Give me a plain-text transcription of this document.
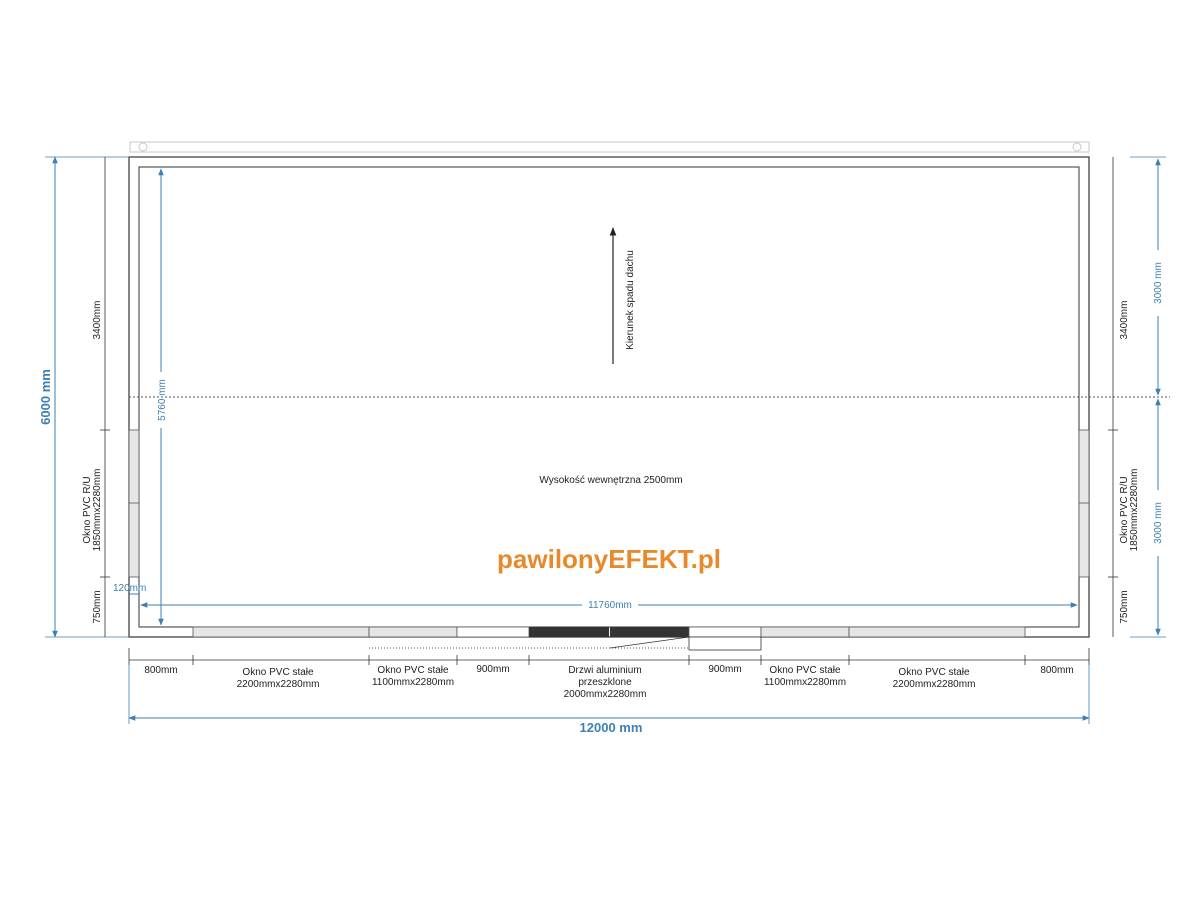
Kierunek spadu dachu
Wysokość wewnętrzna 2500mm
pawilonyEFEKT.pl
11760mm
5760 mm
120mm
6000 mm
3400mm
Okno PVC R/U 1850mmx2280mm
750mm
3400mm
Okno PVC R/U 1850mmx2280mm
750mm
3000 mm
3000 mm
800mm	Okno PVC stałe
2200mmx2280mm
Okno PVC stałe
1100mmx2280mm
900mm	Drzwi aluminium
przeszklone
2000mmx2280mm
900mm	Okno PVC stałe
1100mmx2280mm
Okno PVC stałe
2200mmx2280mm
800mm
12000 mm
